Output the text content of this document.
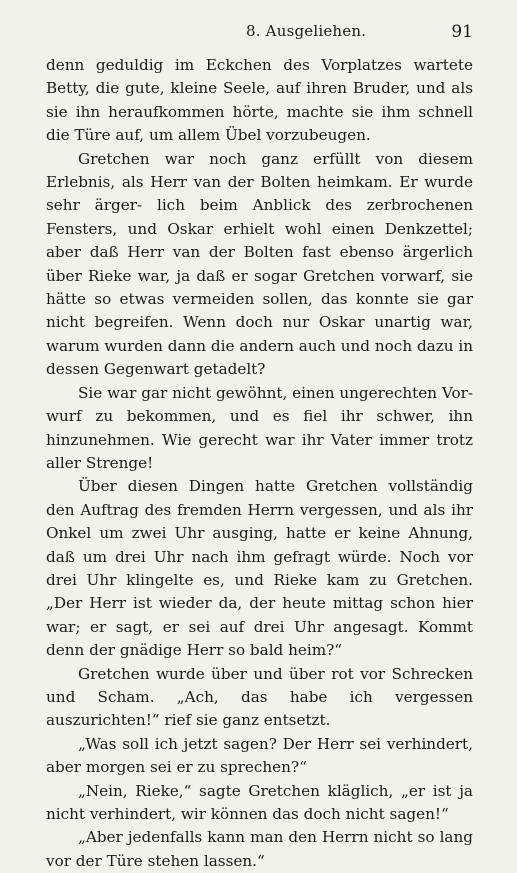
8. Ausgeliehen.	91

denn geduldig im Eckchen des Vorplatzes wartete Betty, die gute, kleine Seele, auf ihren Bruder, und als sie ihn heraufkommen hörte, machte sie ihm schnell die Türe auf, um allem Übel vorzubeugen.

Gretchen war noch ganz erfüllt von diesem Erlebnis, als Herr van der Bolten heimkam. Er wurde sehr ärger- lich beim Anblick des zerbrochenen Fensters, und Oskar erhielt wohl einen Denkzettel; aber daß Herr van der Bolten fast ebenso ärgerlich über Rieke war, ja daß er sogar Gretchen vorwarf, sie hätte so etwas vermeiden sollen, das konnte sie gar nicht begreifen. Wenn doch nur Oskar unartig war, warum wurden dann die andern auch und noch dazu in dessen Gegenwart getadelt?

Sie war gar nicht gewöhnt, einen ungerechten Vor- wurf zu bekommen, und es fiel ihr schwer, ihn hinzunehmen. Wie gerecht war ihr Vater immer trotz aller Strenge!

Über diesen Dingen hatte Gretchen vollständig den Auftrag des fremden Herrn vergessen, und als ihr Onkel um zwei Uhr ausging, hatte er keine Ahnung, daß um drei Uhr nach ihm gefragt würde. Noch vor drei Uhr klingelte es, und Rieke kam zu Gretchen. „Der Herr ist wieder da, der heute mittag schon hier war; er sagt, er sei auf drei Uhr angesagt. Kommt denn der gnädige Herr so bald heim?“

Gretchen wurde über und über rot vor Schrecken und Scham. „Ach, das habe ich vergessen auszurichten!“ rief sie ganz entsetzt.

„Was soll ich jetzt sagen? Der Herr sei verhindert, aber morgen sei er zu sprechen?“

„Nein, Rieke,“ sagte Gretchen kläglich, „er ist ja nicht verhindert, wir können das doch nicht sagen!“

„Aber jedenfalls kann man den Herrn nicht so lang vor der Türe stehen lassen.“
